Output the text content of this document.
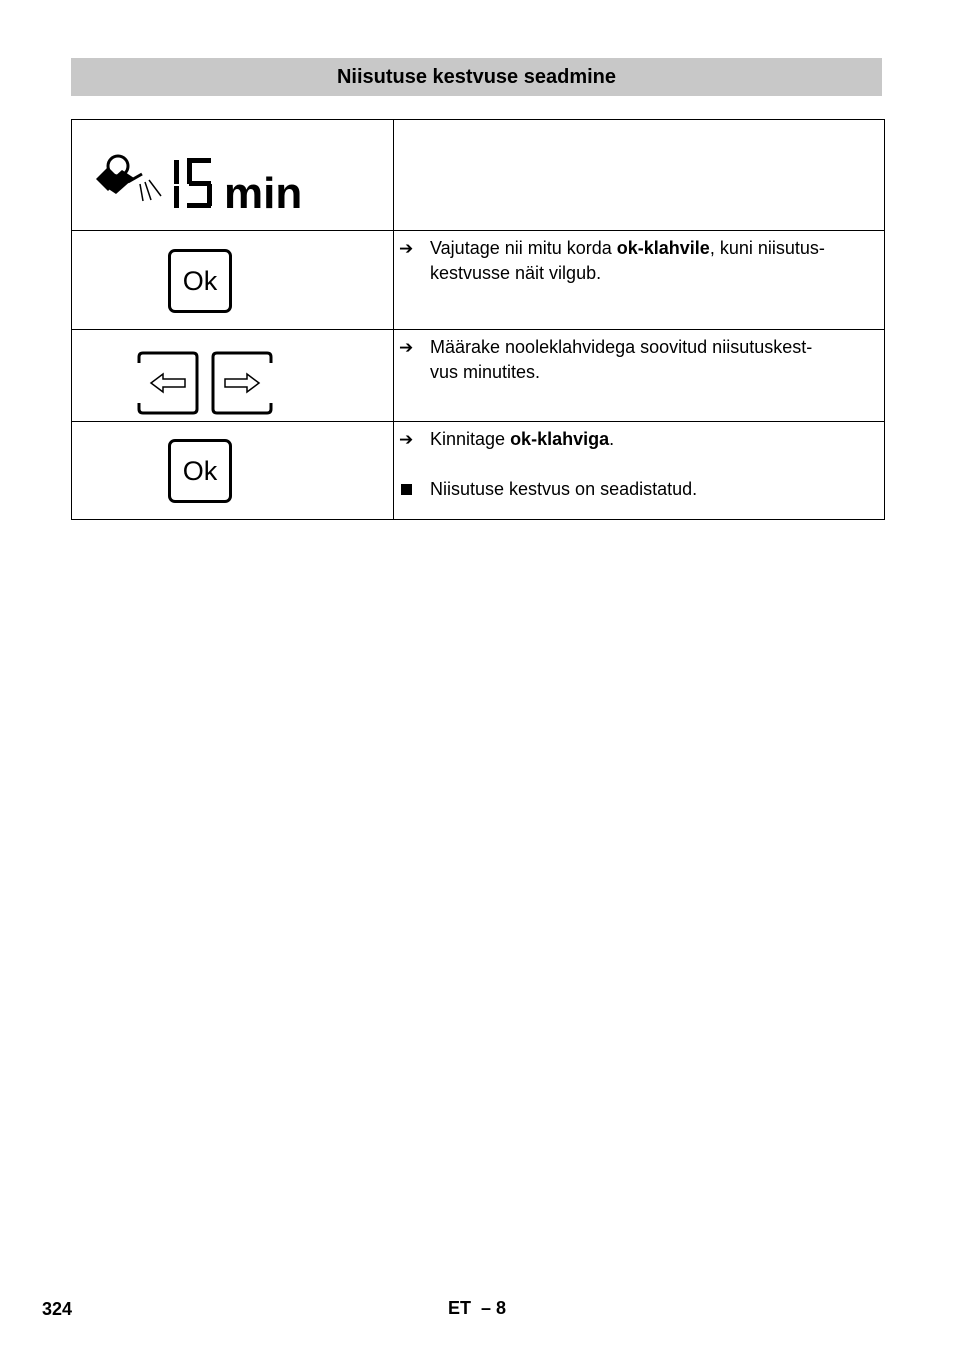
Niisutuse kestvuse seadmine
min	

Ok	➔ Vajutage nii mitu korda ok-klahvile, kuni niisutus-
kestvusse näit vilgub.

➔ Määrake nooleklahvidega soovitud niisutuskest-
vus minutites.

Ok	➔ Kinnitage ok-klahviga.
Niisutuse kestvus on seadistatud.
324	ET – 8
